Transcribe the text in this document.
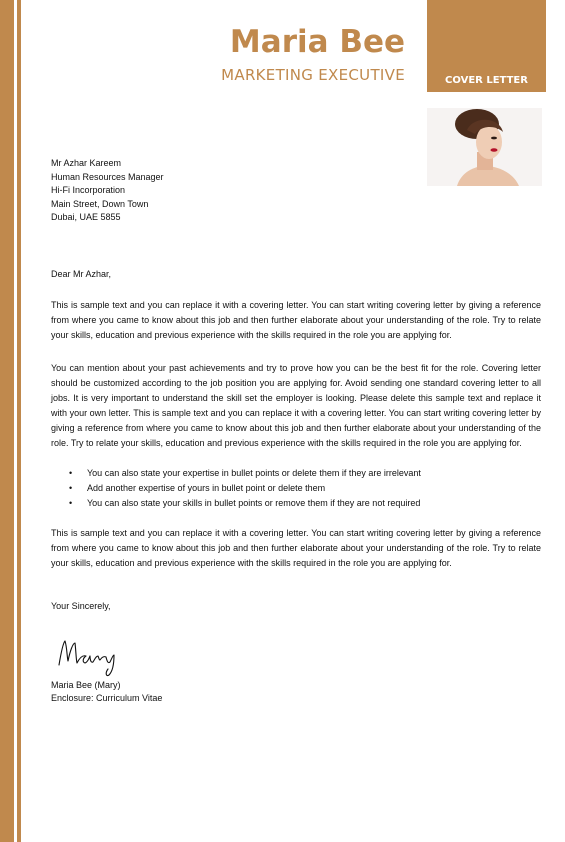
Maria Bee
MARKETING EXECUTIVE	COVER LETTER
Mr Azhar Kareem
Human Resources Manager
Hi-Fi Incorporation
Main Street, Down Town
Dubai, UAE 5855

Dear Mr Azhar,

This is sample text and you can replace it with a covering letter. You can start writing covering letter by giving a reference from where you came to know about this job and then further elaborate about your understanding of the role. Try to relate your skills, education and previous experience with the skills required in the role you are applying for.

You can mention about your past achievements and try to prove how you can be the best fit for the role. Covering letter should be customized according to the job position you are applying for. Avoid sending one standard covering letter to all jobs. It is very important to understand the skill set the employer is looking. Please delete this sample text and replace it with your own letter. This is sample text and you can replace it with a covering letter. You can start writing covering letter by giving a reference from where you came to know about this job and then further elaborate about your understanding of the role. Try to relate your skills, education and previous experience with the skills required in the role you are applying for.

• You can also state your expertise in bullet points or delete them if they are irrelevant
• Add another expertise of yours in bullet point or delete them
• You can also state your skills in bullet points or remove them if they are not required

This is sample text and you can replace it with a covering letter. You can start writing covering letter by giving a reference from where you came to know about this job and then further elaborate about your understanding of the role. Try to relate your skills, education and previous experience with the skills required in the role you are applying for.

Your Sincerely,

Maria Bee (Mary)
Enclosure: Curriculum Vitae
